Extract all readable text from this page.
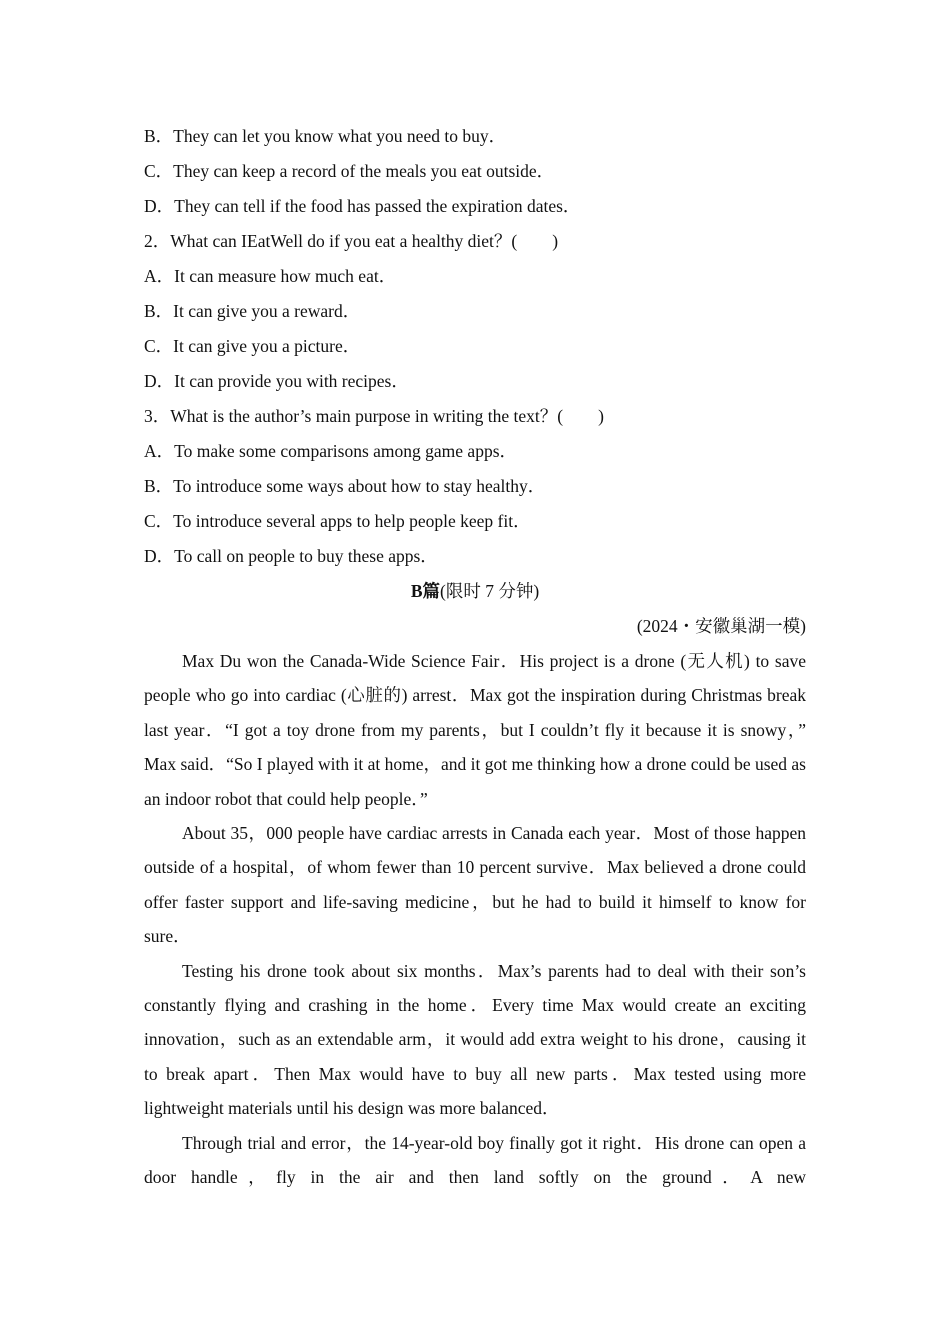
B．They can let you know what you need to buy．
C．They can keep a record of the meals you eat outside．
D．They can tell if the food has passed the expiration dates．
2．What can IEatWell do if you eat a healthy diet？(　　)
A．It can measure how much eat．
B．It can give you a reward．
C．It can give you a picture．
D．It can provide you with recipes．
3．What is the author’s main purpose in writing the text？(　　)
A．To make some comparisons among game apps．
B．To introduce some ways about how to stay healthy．
C．To introduce several apps to help people keep fit．
D．To call on people to buy these apps．
B篇(限时 7 分钟)
(2024・安徽巢湖一模)

Max Du won the Canada-Wide Science Fair．His project is a drone (无人机) to save people who go into cardiac (心脏的) arrest．Max got the inspiration during Christmas break last year．“I got a toy drone from my parents，but I couldn’t fly it because it is snowy，” Max said．“So I played with it at home，and it got me thinking how a drone could be used as an indoor robot that could help people．”

About 35，000 people have cardiac arrests in Canada each year．Most of those happen outside of a hospital，of whom fewer than 10 percent survive．Max believed a drone could offer faster support and life-saving medicine，but he had to build it himself to know for sure．

Testing his drone took about six months．Max’s parents had to deal with their son’s constantly flying and crashing in the home．Every time Max would create an exciting innovation，such as an extendable arm，it would add extra weight to his drone，causing it to break apart．Then Max would have to buy all new parts．Max tested using more lightweight materials until his design was more balanced．

Through trial and error，the 14-year-old boy finally got it right．His drone can open a door handle，fly in the air and then land softly on the ground．A new
